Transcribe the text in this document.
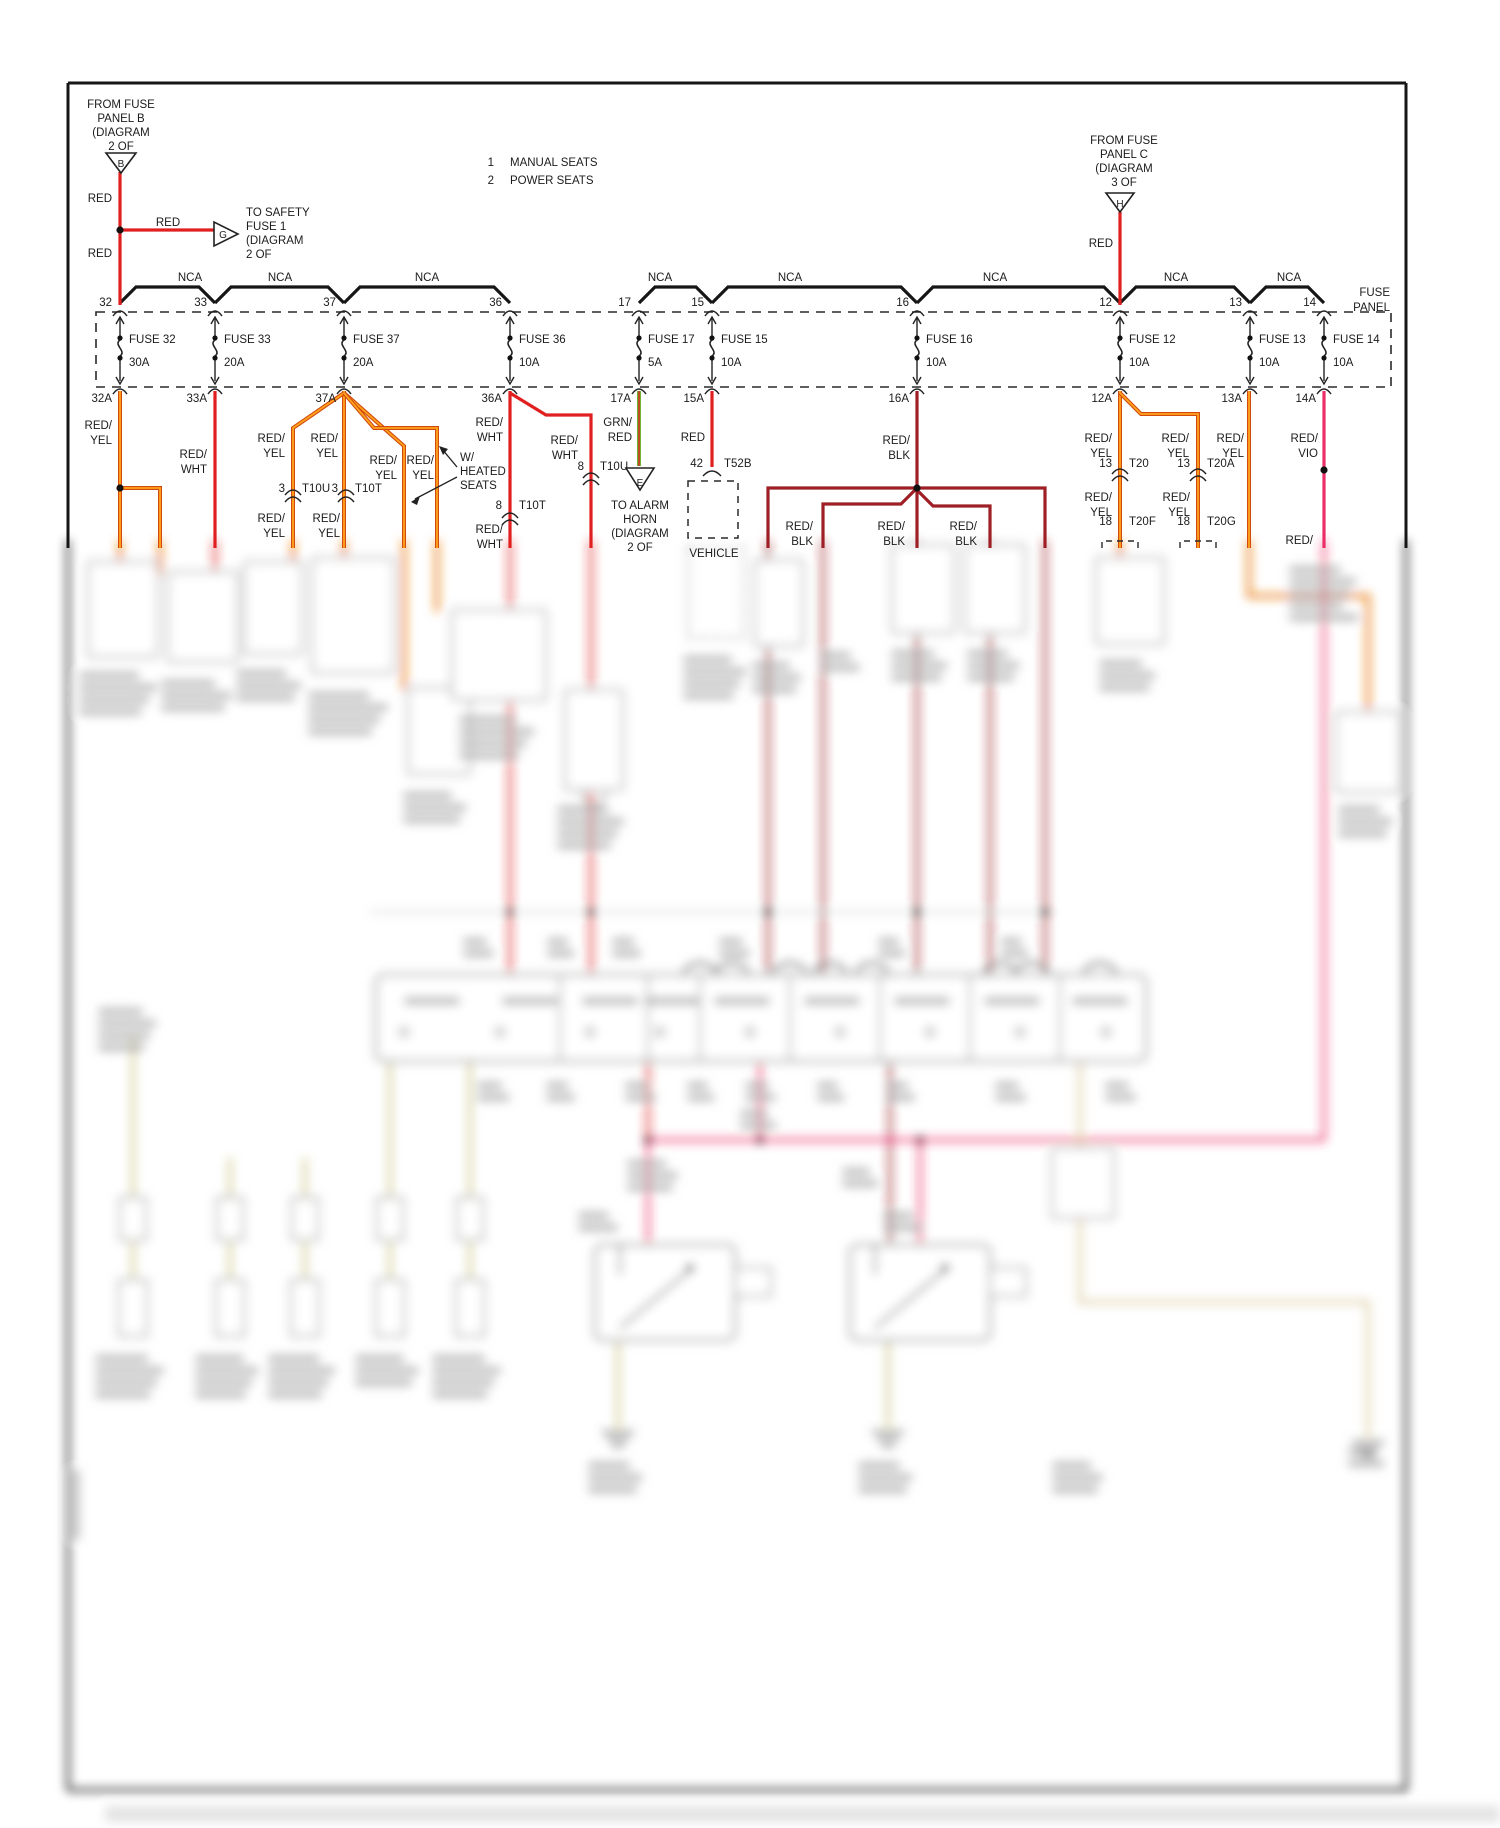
FROM FUSE
PANEL B
(DIAGRAM
2 OF
B
RED
RED
RED
TO SAFETY
FUSE 1
(DIAGRAM
2 OF
G
1 MANUAL SEATS
2 POWER SEATS
FROM FUSE
PANEL C
(DIAGRAM
3 OF
H
RED
NCA	NCA	NCA	NCA	NCA	NCA	NCA	NCA
FUSE
PANEL
32	33	37	36	17	15	16	12	13	14
FUSE 32	FUSE 33	FUSE 37	FUSE 36	FUSE 17 FUSE 15	FUSE 16	FUSE 12	FUSE 13 FUSE 14
30A	20A	20A	10A	5A	10A	10A	10A	10A	10A
32A	33A	37A	36A	17A	15A	16A	12A	13A	14A
RED/
YEL
RED/
WHT
RED/
YEL
RED/
YEL
RED/
YEL
RED/
YEL
W/
HEATED
SEATS
RED/
WHT	RED/
WHT
8 T10U
GRN/
RED	RED
42 T52B
RED/
BLK
3 T10U 3 T10T
RED/
YEL
RED/
YEL
8 T10T
RED/
WHT
TO ALARM
HORN
(DIAGRAM
2 OF
E
VEHICLE
RED/
BLK
RED/
BLK
RED/
BLK
RED/
YEL
RED/
YEL
13 T20 13 T20A
RED/
YEL
RED/
YEL
18 T20F 18 T20G
RED/
YEL
RED/
VIO
RED/
